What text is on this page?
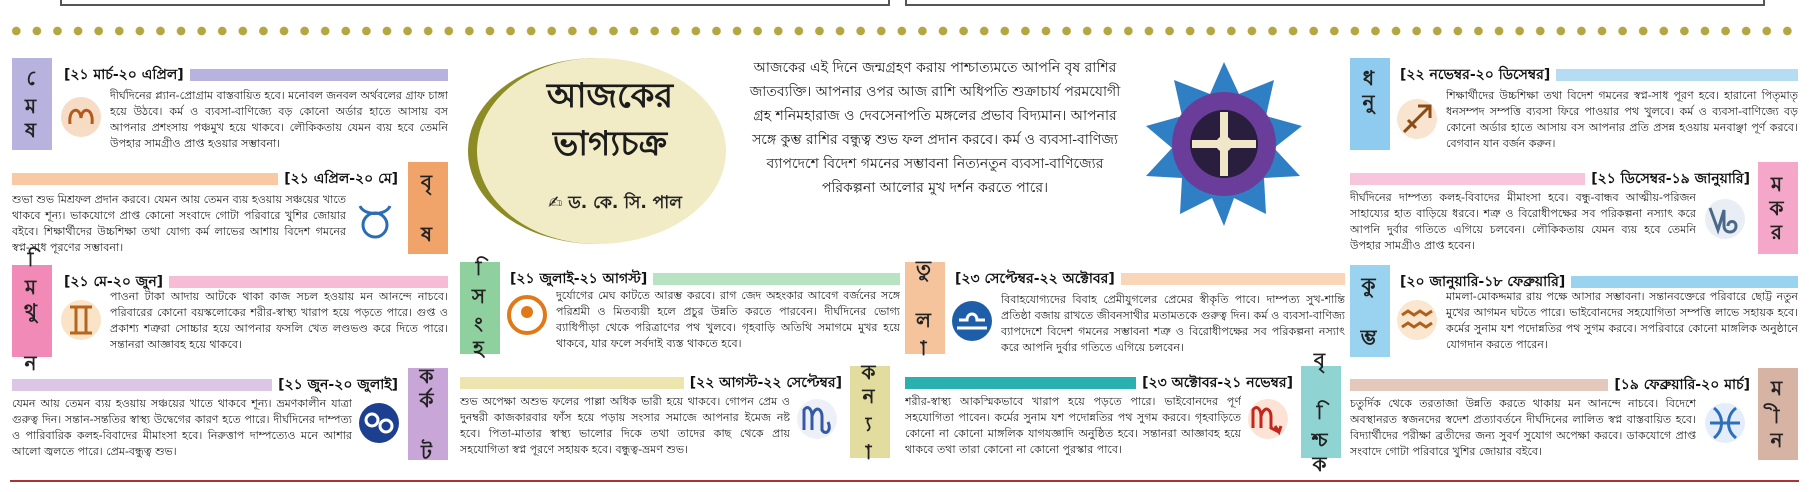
মেষ	[২১ মার্চ-২০ এপ্রিল]
দীর্ঘদিনের প্ল্যান-প্রোগ্রাম বাস্তবায়িত হবে। মনোবল জনবল অর্থবলের গ্রাফ চাঙ্গা হয়ে উঠবে। কর্ম ও ব্যবসা-বাণিজ্যে বড় কোনো অর্ডার হাতে আসায় বস আপনার প্রশংসায় পঞ্চমুখ হয়ে থাকবে। লৌকিকতায় যেমন ব্যয় হবে তেমনি উপহার সামগ্রীও প্রাপ্ত হওয়ার সম্ভাবনা।
বৃষ
[২১ এপ্রিল-২০ মে]
শুভা শুভ মিশ্রফল প্রদান করবে। যেমন আয় তেমন ব্যয় হওয়ায় সঞ্চয়ের খাতে থাকবে শূন্য। ভাকযোগে প্রাপ্ত কোনো সংবাদে গোটা পরিবারে খুশির জোয়ার বইবে। শিক্ষার্থীদের উচ্চশিক্ষা তথা যোগ্য কর্ম লাভের আশায় বিদেশ গমনের স্বপ্ন-সাধ পূরণের সম্ভাবনা।
মিথুন	[২১ মে-২০ জুন]
পাওনা টাকা আদায় আটকে থাকা কাজ সচল হওয়ায় মন আনন্দে নাচবে। পরিবারের কোনো বয়স্কলোকের শরীর-স্বাস্থ্য খারাপ হয়ে পড়তে পারে। গুপ্ত ও প্রকাশ্য শত্রুরা সোচ্চার হয়ে আপনার ফসলি খেত লণ্ডভণ্ড করে দিতে পারে। সন্তানরা আজ্ঞাবহ হয়ে থাকবে।
কর্কট
[২১ জুন-২০ জুলাই]
যেমন আয় তেমন ব্যয় হওয়ায় সঞ্চয়ের খাতে থাকবে শূন্য। ভ্রমণকালীন যাত্রা গুরুত্ব দিন। সন্তান-সন্ততির স্বাস্থ্য উদ্বেগের কারণ হতে পারে। দীর্ঘদিনের দাম্পত্য ও পারিবারিক কলহ-বিবাদের মীমাংসা হবে। নিরুত্তাপ দাম্পত্যেও মনে আশার আলো জ্বলতে পারে। প্রেম-বন্ধুত্ব শুভ।
আজকের
ভাগ্যচক্র
✍ ড. কে. সি. পাল
আজকের এই দিনে জন্মগ্রহণ করায় পাশ্চাত্যমতে আপনি বৃষ রাশির জাতব্যক্তি। আপনার ওপর আজ রাশি অধিপতি শুক্রাচার্য পরমযোগী গ্রহ শনিমহারাজ ও দেবসেনাপতি মঙ্গলের প্রভাব বিদ্যমান। আপনার সঙ্গে কুম্ভ রাশির বন্ধুত্ব শুভ ফল প্রদান করবে। কর্ম ও ব্যবসা-বাণিজ্য ব্যাপদেশে বিদেশ গমনের সম্ভাবনা নিত্যনতুন ব্যবসা-বাণিজ্যের পরিকল্পনা আলোর মুখ দর্শন করতে পারে।
সিংহ	[২১ জুলাই-২১ আগস্ট]
দুর্যোগের মেঘ কাটতে আরম্ভ করবে। রাগ জেদ অহংকার আবেগ বর্জনের সঙ্গে পরিশ্রমী ও মিতব্যয়ী হলে প্রচুর উন্নতি করতে পারবেন। দীর্ঘদিনের ভোগ্য ব্যাধিপীড়া থেকে পরিত্রাণের পথ খুলবে। গৃহবাড়ি অতিথি সমাগমে মুখর হয়ে থাকবে, যার ফলে সর্বদাই ব্যস্ত থাকতে হবে।
কন্যা
[২২ আগস্ট-২২ সেপ্টেম্বর]
শুভ অপেক্ষা অশুভ ফলের পাল্লা অধিক ভারী হয়ে থাকবে। গোপন প্রেম ও দুনম্বরী কাজকারবার ফাঁস হয়ে পড়ায় সংসার সমাজে আপনার ইমেজ নষ্ট হবে। পিতা-মাতার স্বাস্থ্য ভালোর দিকে তথা তাদের কাছ থেকে প্রায় সহযোগিতা স্বপ্ন পূরণে সহায়ক হবে। বন্ধুত্ব-ভ্রমণ শুভ।
তুলা	[২৩ সেপ্টেম্বর-২২ অক্টোবর]
বিবাহযোগ্যদের বিবাহ প্রেমীযুগলের প্রেমের স্বীকৃতি পাবে। দাম্পত্য সুখ-শান্তি প্রতিষ্ঠা বজায় রাখতে জীবনসাথীর মতামতকে গুরুত্ব দিন। কর্ম ও ব্যবসা-বাণিজ্য ব্যাপদেশে বিদেশ গমনের সম্ভাবনা শত্রু ও বিরোধীপক্ষের সব পরিকল্পনা নস্যাৎ করে আপনি দুর্বার গতিতে এগিয়ে চলবেন।
বৃশ্চিক
[২৩ অক্টোবর-২১ নভেম্বর]
শরীর-স্বাস্থ্য আকস্মিকভাবে খারাপ হয়ে পড়তে পারে। ভাইবোনদের পূর্ণ সহযোগিতা পাবেন। কর্মের সুনাম যশ পদোন্নতির পথ সুগম করবে। গৃহবাড়িতে কোনো না কোনো মাঙ্গলিক যাগযজ্ঞাদি অনুষ্ঠিত হবে। সন্তানরা আজ্ঞাবহ হয়ে থাকবে তথা তারা কোনো না কোনো পুরস্কার পাবে।
ধনু	[২২ নভেম্বর-২০ ডিসেম্বর]
শিক্ষার্থীদের উচ্চশিক্ষা তথা বিদেশ গমনের স্বপ্ন-সাধ পূরণ হবে। হারানো পিতৃমাতৃ ধনসম্পদ সম্পত্তি ব্যবসা ফিরে পাওয়ার পথ খুলবে। কর্ম ও ব্যবসা-বাণিজ্যে বড় কোনো অর্ডার হাতে আসায় বস আপনার প্রতি প্রসন্ন হওয়ায় মনবাঞ্ছা পূর্ণ করবে। বেগবান যান বর্জন করুন।
মকর
[২১ ডিসেম্বর-১৯ জানুয়ারি]
দীর্ঘদিনের দাম্পত্য কলহ-বিবাদের মীমাংসা হবে। বন্ধু-বান্ধব আত্মীয়-পরিজন সাহায্যের হাত বাড়িয়ে ধরবে। শত্রু ও বিরোধীপক্ষের সব পরিকল্পনা নস্যাৎ করে আপনি দুর্বার গতিতে এগিয়ে চলবেন। লৌকিকতায় যেমন ব্যয় হবে তেমনি উপহার সামগ্রীও প্রাপ্ত হবেন।
কুম্ভ	[২০ জানুয়ারি-১৮ ফেব্রুয়ারি]
মামলা-মোকদ্দমার রায় পক্ষে আসার সম্ভাবনা। সন্তানবক্তেরে পরিবারে ছোট্ট নতুন মুখের আগমন ঘটতে পারে। ভাইবোনদের সহযোগিতা সম্পত্তি লাভে সহায়ক হবে। কর্মের সুনাম যশ পদোন্নতির পথ সুগম করবে। সপরিবারে কোনো মাঙ্গলিক অনুষ্ঠানে যোগদান করতে পারেন।
মীন
[১৯ ফেব্রুয়ারি-২০ মার্চ]
চতুর্দিক থেকে তরতাজা উন্নতি করতে থাকায় মন আনন্দে নাচবে। বিদেশে অবস্থানরত স্বজনদের স্বদেশ প্রত্যাবর্তনে দীর্ঘদিনের লালিত স্বপ্ন বাস্তবায়িত হবে। বিদ্যার্থীদের পরীক্ষা ব্রতীদের জন্য সুবর্ণ সুযোগ অপেক্ষা করবে। ডাকযোগে প্রাপ্ত সংবাদে গোটা পরিবারে খুশির জোয়ার বইবে।
